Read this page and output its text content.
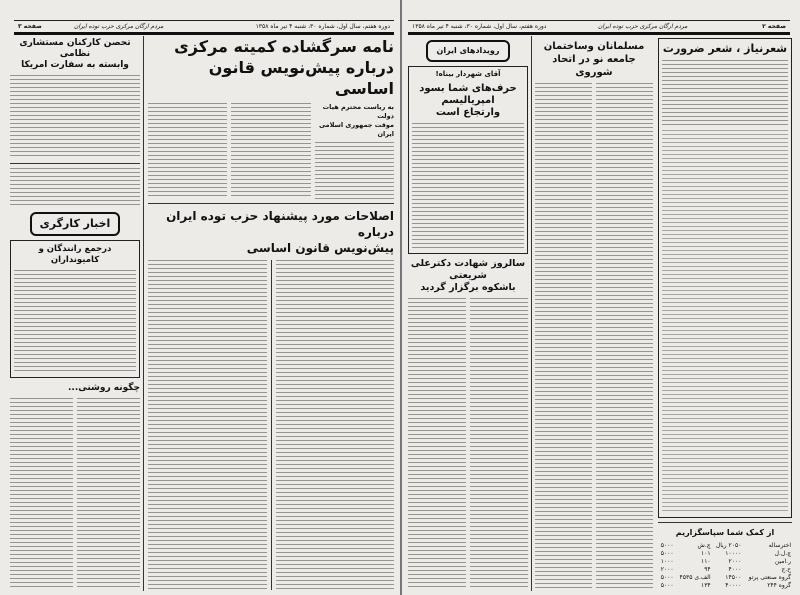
صفحه ۳	مردم ارگان مرکزی حزب توده ایران	دوره هفتم، سال اول، شماره ۳۰، شنبه ۴ تیر ماه ۱۳۵۸
تحصن کارکنان مستشاری نظامی
وابسته به سفارت امریکا
اخبار کارگری
درجمع رانندگان و کامیونداران
چگونه روشنی...
نامه سرگشاده کمیته مرکزی
درباره پیش‌نویس قانون اساسی
به ریاست محترم هیات دولت
موقت جمهوری اسلامی ایران
اصلاحات مورد پیشنهاد حزب توده ایران درباره
پیش‌نویس قانون اساسی
دوره هفتم، سال اول، شماره ۳۰، شنبه ۴ تیر ماه ۱۳۵۸	مردم ارگان مرکزی حزب توده ایران	صفحه ۲
رویدادهای ایران
آقای شهردار بیناه!
حرف‌های شما بسود امپریالیسم
وارتجاع است
سالروز شهادت دکترعلی شریعتی
باشکوه برگزار گردید
مسلمانان وساختمان
جامعه نو در اتحاد شوروی
شعرنیاز ، شعر ضرورت
از کمک شما سپاسگزاریم
اخترساله	۲۰۵۰ ریال	چ.ش	۵۰۰۰
چ.ل.ل	۱۰۰۰۰	۱۰۱	۵۰۰۰
ر.امین	۲۰۰۰	۱۱۰	۱۰۰۰
ح.ج	۴۰۰۰	۹۴	۲۰۰۰
گروه صنعتی پرتو	۱۴۵۰۰	الف.ی ۴۵۳۵	۵۰۰۰
گروه ۲۴۴	۴۰۰۰۰	۱۳۴	۵۰۰۰
